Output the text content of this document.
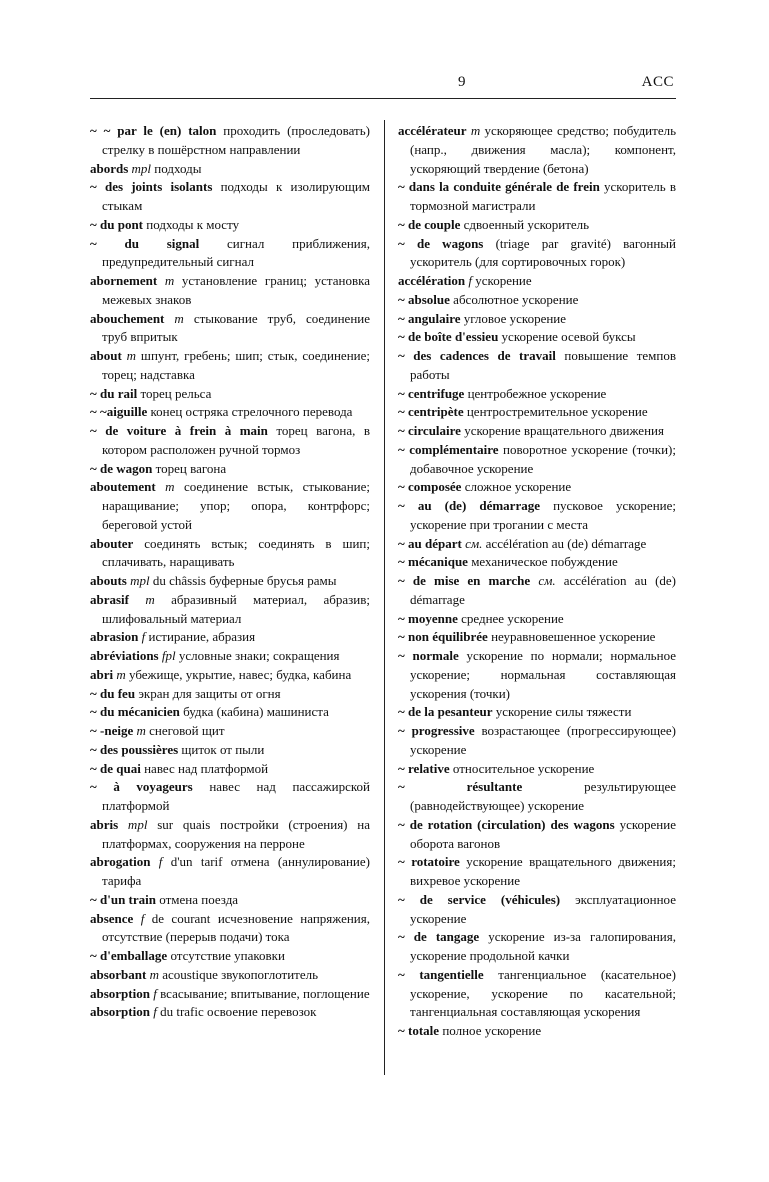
9	ACC

~ ~ par le (en) talon проходить (проследовать) стрелку в пошёрстном направлении

abords mpl подходы

~ des joints isolants подходы к изолирующим стыкам

~ du pont подходы к мосту

~ du signal сигнал приближения, предупредительный сигнал

abornement m установление границ; установка межевых знаков

abouchement m стыкование труб, соединение труб впритык

about m шпунт, гребень; шип; стык, соединение; торец; надставка

~ du rail торец рельса

~ ~aiguille конец остряка стрелочного перевода

~ de voiture à frein à main торец вагона, в котором расположен ручной тормоз

~ de wagon торец вагона

aboutement m соединение встык, стыкование; наращивание; упор; опора, контрфорс; береговой устой

abouter соединять встык; соединять в шип; сплачивать, наращивать

abouts mpl du châssis буферные брусья рамы

abrasif m абразивный материал, абразив; шлифовальный материал

abrasion f истирание, абразия

abréviations fpl условные знаки; сокращения

abri m убежище, укрытие, навес; будка, кабина

~ du feu экран для защиты от огня

~ du mécanicien будка (кабина) машиниста

~ -neige m снеговой щит

~ des poussières щиток от пыли

~ de quai навес над платформой

~ à voyageurs навес над пассажирской платформой

abris mpl sur quais постройки (строения) на платформах, сооружения на перроне

abrogation f d'un tarif отмена (аннулирование) тарифа

~ d'un train отмена поезда

absence f de courant исчезновение напряжения, отсутствие (перерыв подачи) тока

~ d'emballage отсутствие упаковки

absorbant m acoustique звукопоглотитель

absorption f всасывание; впитывание, поглощение

absorption f du trafic освоение перевозок

accélérateur m ускоряющее средство; побудитель (напр., движения масла); компонент, ускоряющий твердение (бетона)

~ dans la conduite générale de frein ускоритель в тормозной магистрали

~ de couple сдвоенный ускоритель

~ de wagons (triage par gravité) вагонный ускоритель (для сортировочных горок)

accélération f ускорение

~ absolue абсолютное ускорение

~ angulaire угловое ускорение

~ de boîte d'essieu ускорение осевой буксы

~ des cadences de travail повышение темпов работы

~ centrifuge центробежное ускорение

~ centripète центростремительное ускорение

~ circulaire ускорение вращательного движения

~ complémentaire поворотное ускорение (точки); добавочное ускорение

~ composée сложное ускорение

~ au (de) démarrage пусковое ускорение; ускорение при трогании с места

~ au départ см. accélération au (de) démarrage

~ mécanique механическое побуждение

~ de mise en marche см. accélération au (de) démarrage

~ moyenne среднее ускорение

~ non équilibrée неуравновешенное ускорение

~ normale ускорение по нормали; нормальное ускорение; нормальная составляющая ускорения (точки)

~ de la pesanteur ускорение силы тяжести

~ progressive возрастающее (прогрессирующее) ускорение

~ relative относительное ускорение

~ résultante результирующее (равнодействующее) ускорение

~ de rotation (circulation) des wagons ускорение оборота вагонов

~ rotatoire ускорение вращательного движения; вихревое ускорение

~ de service (véhicules) эксплуатационное ускорение

~ de tangage ускорение из-за галопирования, ускорение продольной качки

~ tangentielle тангенциальное (касательное) ускорение, ускорение по касательной; тангенциальная составляющая ускорения

~ totale полное ускорение
